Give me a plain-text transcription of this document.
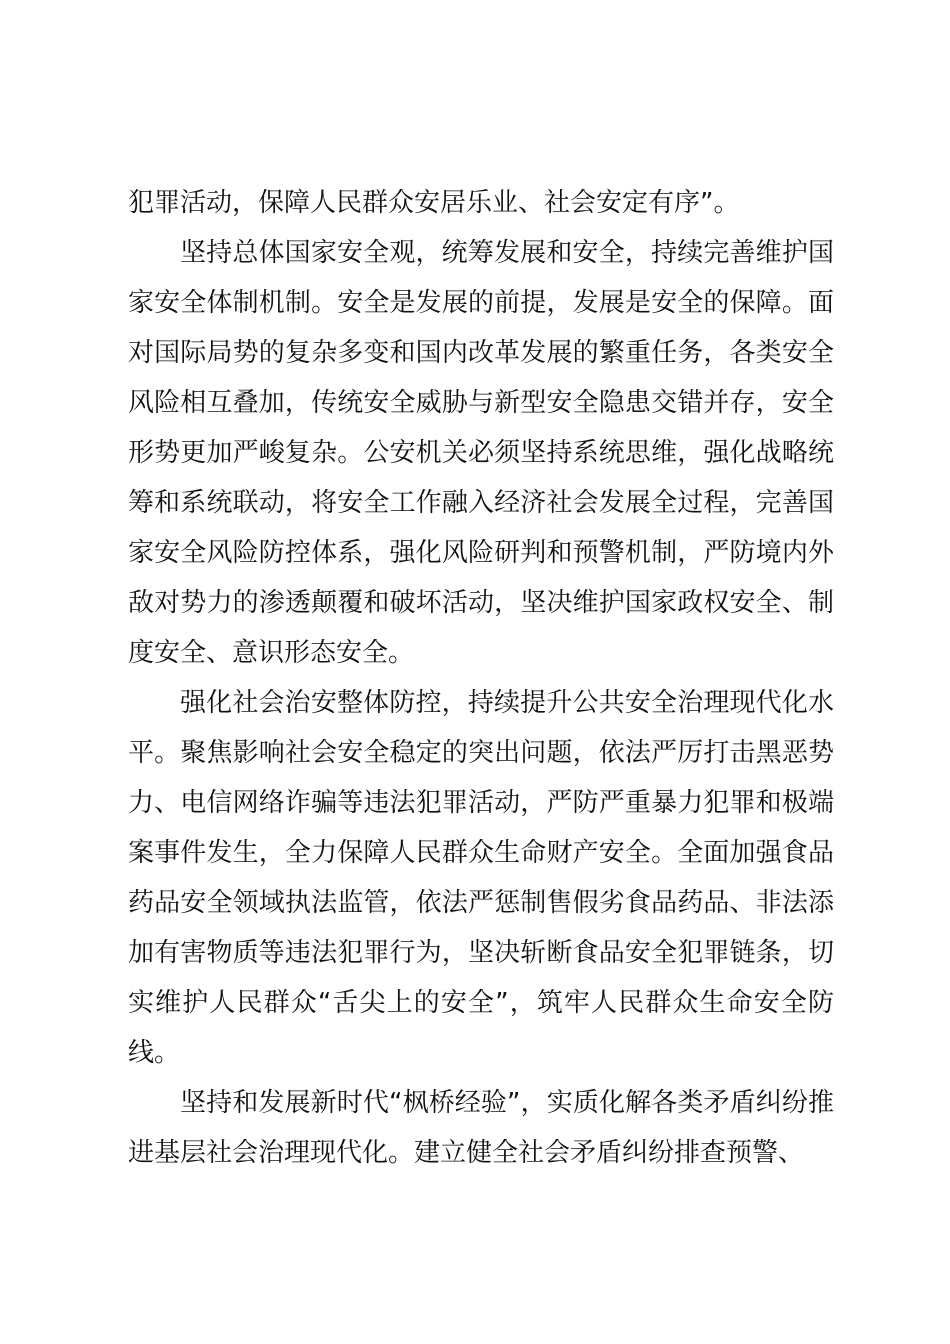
犯罪活动，保障人民群众安居乐业、社会安定有序”。

坚持总体国家安全观，统筹发展和安全，持续完善维护国家安全体制机制。安全是发展的前提，发展是安全的保障。面对国际局势的复杂多变和国内改革发展的繁重任务，各类安全风险相互叠加，传统安全威胁与新型安全隐患交错并存，安全形势更加严峻复杂。公安机关必须坚持系统思维，强化战略统筹和系统联动，将安全工作融入经济社会发展全过程，完善国家安全风险防控体系，强化风险研判和预警机制，严防境内外敌对势力的渗透颠覆和破坏活动，坚决维护国家政权安全、制度安全、意识形态安全。

强化社会治安整体防控，持续提升公共安全治理现代化水平。聚焦影响社会安全稳定的突出问题，依法严厉打击黑恶势力、电信网络诈骗等违法犯罪活动，严防严重暴力犯罪和极端案事件发生，全力保障人民群众生命财产安全。全面加强食品药品安全领域执法监管，依法严惩制售假劣食品药品、非法添加有害物质等违法犯罪行为，坚决斩断食品安全犯罪链条，切实维护人民群众“舌尖上的安全”，筑牢人民群众生命安全防线。

坚持和发展新时代“枫桥经验”，实质化解各类矛盾纠纷推进基层社会治理现代化。建立健全社会矛盾纠纷排查预警、
